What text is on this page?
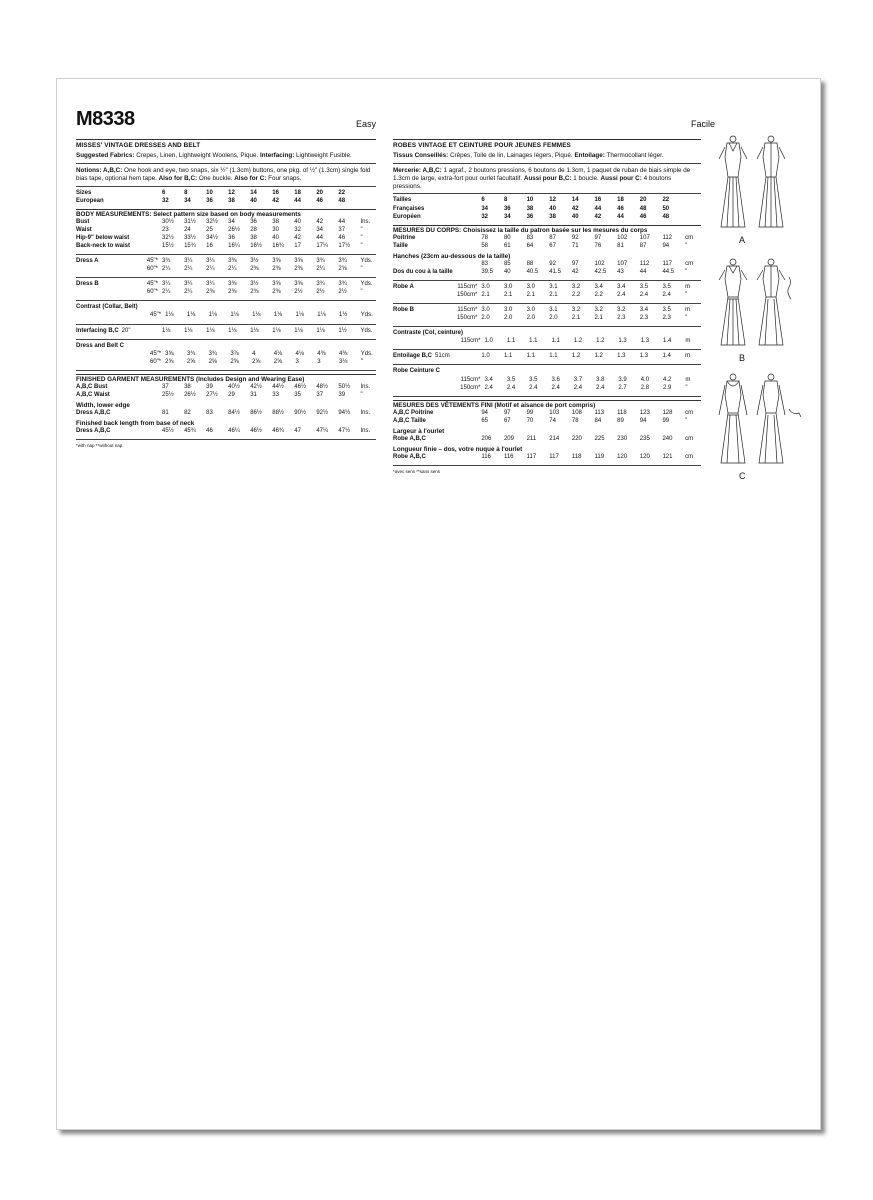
M8338	Easy
MISSES' VINTAGE DRESSES AND BELT
Suggested Fabrics: Crepes, Linen, Lightweight Woolens, Pique. Interfacing: Lightweight Fusible.
Notions: A,B,C: One hook and eye, two snaps, six ½" (1.3cm) buttons, one pkg. of ½" (1.3cm) single fold bias tape, optional hem tape. Also for B,C: One buckle. Also for C: Four snaps.
Sizes	6	8	10	12	14	16	18	20	22	
European	32	34	36	38	40	42	44	46	48	
BODY MEASUREMENTS: Select pattern size based on body measurements
Bust	30½	31½	32½	34	36	38	40	42	44	Ins.
Waist	23	24	25	26½	28	30	32	34	37	"
Hip-9" below waist	32½	33½	34½	36	38	40	42	44	46	"
Back-neck to waist	15½	15¾	16	16¼	16½	16¾	17	17¼	17½	"
Dress A 45"*	3¾	3¼	3¼	3⅜	3½	3⅝	3⅝	3¾	3¾	Yds.

60"*	2¼	2¼	2¼	2¼	2⅜	2⅜	2⅜	2¼	2⅝	"
Dress B 45"*	3¼	3¼	3¼	3⅜	3½	3⅝	3⅝	3¾	3¾	Yds.

60"*	2¼	2¼	2⅜	2⅜	2⅜	2⅜	2½	2½	2½	"
Contrast (Collar, Belt)
45"*	1⅛	1⅛	1⅛	1⅛	1⅛	1⅛	1⅛	1⅛	1½	Yds.
Interfacing B,C 20"	1⅛	1⅛	1⅛	1⅛	1⅛	1⅛	1⅛	1⅛	1½	Yds.
Dress and Belt C										
45"*	3⅝	3¾	3¾	3⅞	4	4⅛	4⅛	4⅜	4⅜	Yds.

60"*	2⅝	2⅝	2⅝	2⅝	2⅝	2⅝	3	3	3⅛	"
FINISHED GARMENT MEASUREMENTS (Includes Design and Wearing Ease)
A,B,C Bust	37	38	39	40½	42½	44½	46½	48½	50½	Ins.
A,B,C Waist	25½	26½	27½	29	31	33	35	37	39	"
Width, lower edge
Dress A,B,C	81	82	83	84½	86½	88½	90½	92½	94½	Ins.
Finished back length from base of neck
Dress A,B,C	45½	45¾	46	46¼	46½	46¾	47	47¼	47½	Ins.
*with nap **without nap
Facile
ROBES VINTAGE ET CEINTURE POUR JEUNES FEMMES
Tissus Conseillés: Crêpes, Toile de lin, Lainages légers, Piqué. Entoilage: Thermocollant léger.
Mercerie: A,B,C: 1 agraf., 2 boutons pressions, 6 boutons de 1.3cm, 1 paquet de ruban de biais simple de 1.3cm de large, extra-fort pour ourlet facultatif. Aussi pour B,C: 1 boucle. Aussi pour C: 4 boutons pressions.
Tailles	6	8	10	12	14	16	18	20	22	
Françaises	34	36	38	40	42	44	46	48	50	
Européen	32	34	36	38	40	42	44	46	48	
MESURES DU CORPS: Choisissez la taille du patron basée sur les mesures du corps
Poitrine	78	80	83	87	92	97	102	107	112	cm
Taille	58	61	64	67	71	76	81	87	94	"
Hanches (23cm au-dessous de la taille)
	83	85	88	92	97	102	107	112	117	cm
Dos du cou à la taille	39.5	40	40.5	41.5	42	42.5	43	44	44.5	"
Robe A 115cm*	3.0	3.0	3.0	3.1	3.2	3.4	3.4	3.5	3.5	m

150cm*	2.1	2.1	2.1	2.1	2.2	2.2	2.4	2.4	2.4	"
Robe B 115cm*	3.0	3.0	3.0	3.1	3.2	3.2	3.2	3.4	3.5	m

150cm*	2.0	2.0	2.0	2.0	2.1	2.1	2.3	2.3	2.3	"
Contraste (Col, ceinture)
115cm*	1.0	1.1	1.1	1.1	1.2	1.2	1.3	1.3	1.4	m
Entoilage B,C 51cm	1.0	1.1	1.1	1.1	1.2	1.2	1.3	1.3	1.4	m
Robe Ceinture C										
115cm*	3.4	3.5	3.5	3.6	3.7	3.8	3.9	4.0	4.2	m

150cm*	2.4	2.4	2.4	2.4	2.4	2.4	2.7	2.8	2.9	"
MESURES DES VÊTEMENTS FINI (Motif et aisance de port compris)
A,B,C Poitrine	94	97	99	103	108	113	118	123	128	cm
A,B,C Taille	65	67	70	74	78	84	89	94	99	"
Largeur à l'ourlet
Robe A,B,C	206	209	211	214	220	225	230	235	240	cm
Longueur finie – dos, votre nuque à l'ourlet
Robe A,B,C	116	116	117	117	118	119	120	120	121	cm
*avec sens **sans sens
A
B
C
